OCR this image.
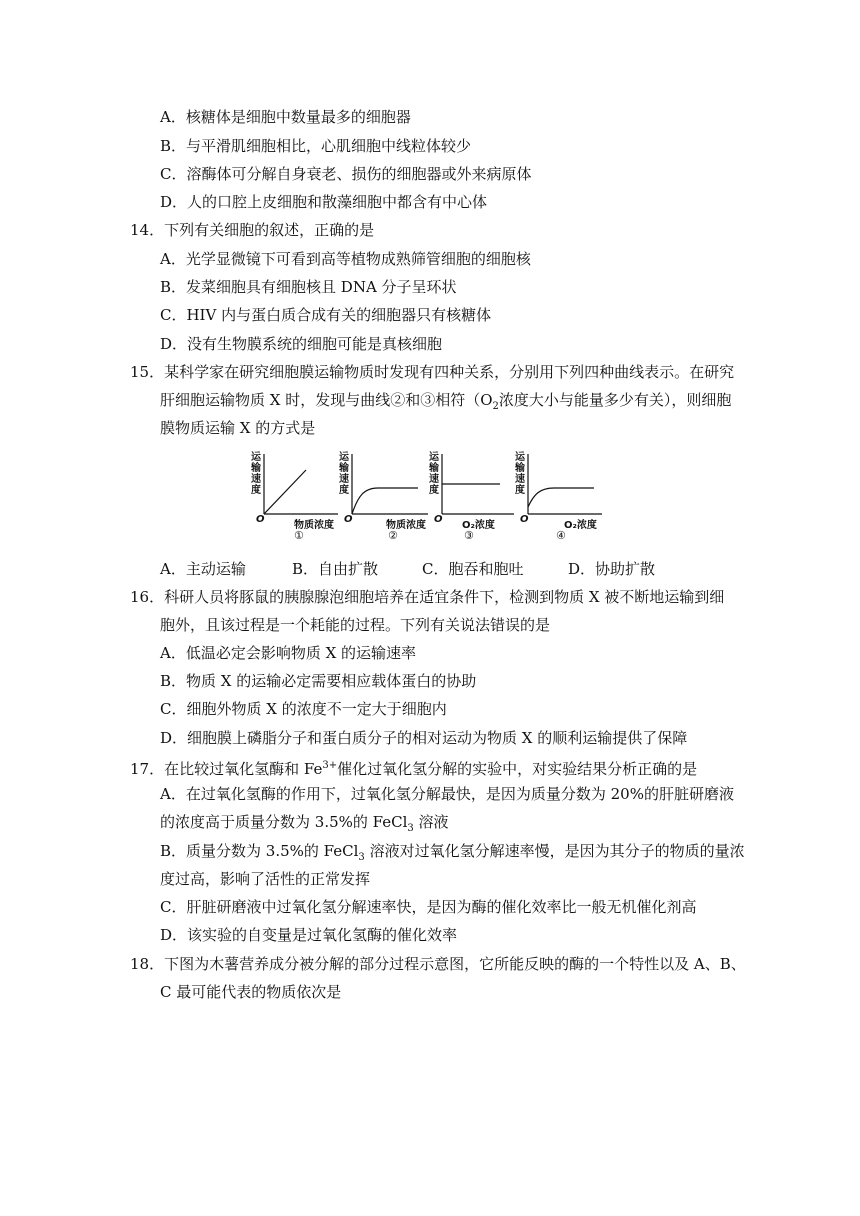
A．核糖体是细胞中数量最多的细胞器
B．与平滑肌细胞相比，心肌细胞中线粒体较少
C．溶酶体可分解自身衰老、损伤的细胞器或外来病原体
D．人的口腔上皮细胞和散藻细胞中都含有中心体
14．下列有关细胞的叙述，正确的是
A．光学显微镜下可看到高等植物成熟筛管细胞的细胞核
B．发菜细胞具有细胞核且 DNA 分子呈环状
C．HIV 内与蛋白质合成有关的细胞器只有核糖体
D．没有生物膜系统的细胞可能是真核细胞
15．某科学家在研究细胞膜运输物质时发现有四种关系，分别用下列四种曲线表示。在研究
肝细胞运输物质 X 时，发现与曲线②和③相符（$O_2$浓度大小与能量多少有关），则细胞
膜物质运输 X 的方式是
运输速度
O
物质浓度
①
运输速度
O
物质浓度
②
运输速度
O
O₂浓度
③
运输速度
O
O₂浓度
④
A．主动运输	B．自由扩散	C．胞吞和胞吐	D．协助扩散
16．科研人员将豚鼠的胰腺腺泡细胞培养在适宜条件下，检测到物质 X 被不断地运输到细
胞外，且该过程是一个耗能的过程。下列有关说法错误的是
A．低温必定会影响物质 X 的运输速率
B．物质 X 的运输必定需要相应载体蛋白的协助
C．细胞外物质 X 的浓度不一定大于细胞内
D．细胞膜上磷脂分子和蛋白质分子的相对运动为物质 X 的顺利运输提供了保障
17．在比较过氧化氢酶和 $Fe^{3+}$催化过氧化氢分解的实验中，对实验结果分析正确的是
A．在过氧化氢酶的作用下，过氧化氢分解最快，是因为质量分数为 20%的肝脏研磨液
的浓度高于质量分数为 3.5%的 FeCl$_3$ 溶液
B．质量分数为 3.5%的 FeCl$_3$ 溶液对过氧化氢分解速率慢，是因为其分子的物质的量浓
度过高，影响了活性的正常发挥
C．肝脏研磨液中过氧化氢分解速率快，是因为酶的催化效率比一般无机催化剂高
D．该实验的自变量是过氧化氢酶的催化效率
18．下图为木薯营养成分被分解的部分过程示意图，它所能反映的酶的一个特性以及 A、B、
C 最可能代表的物质依次是
